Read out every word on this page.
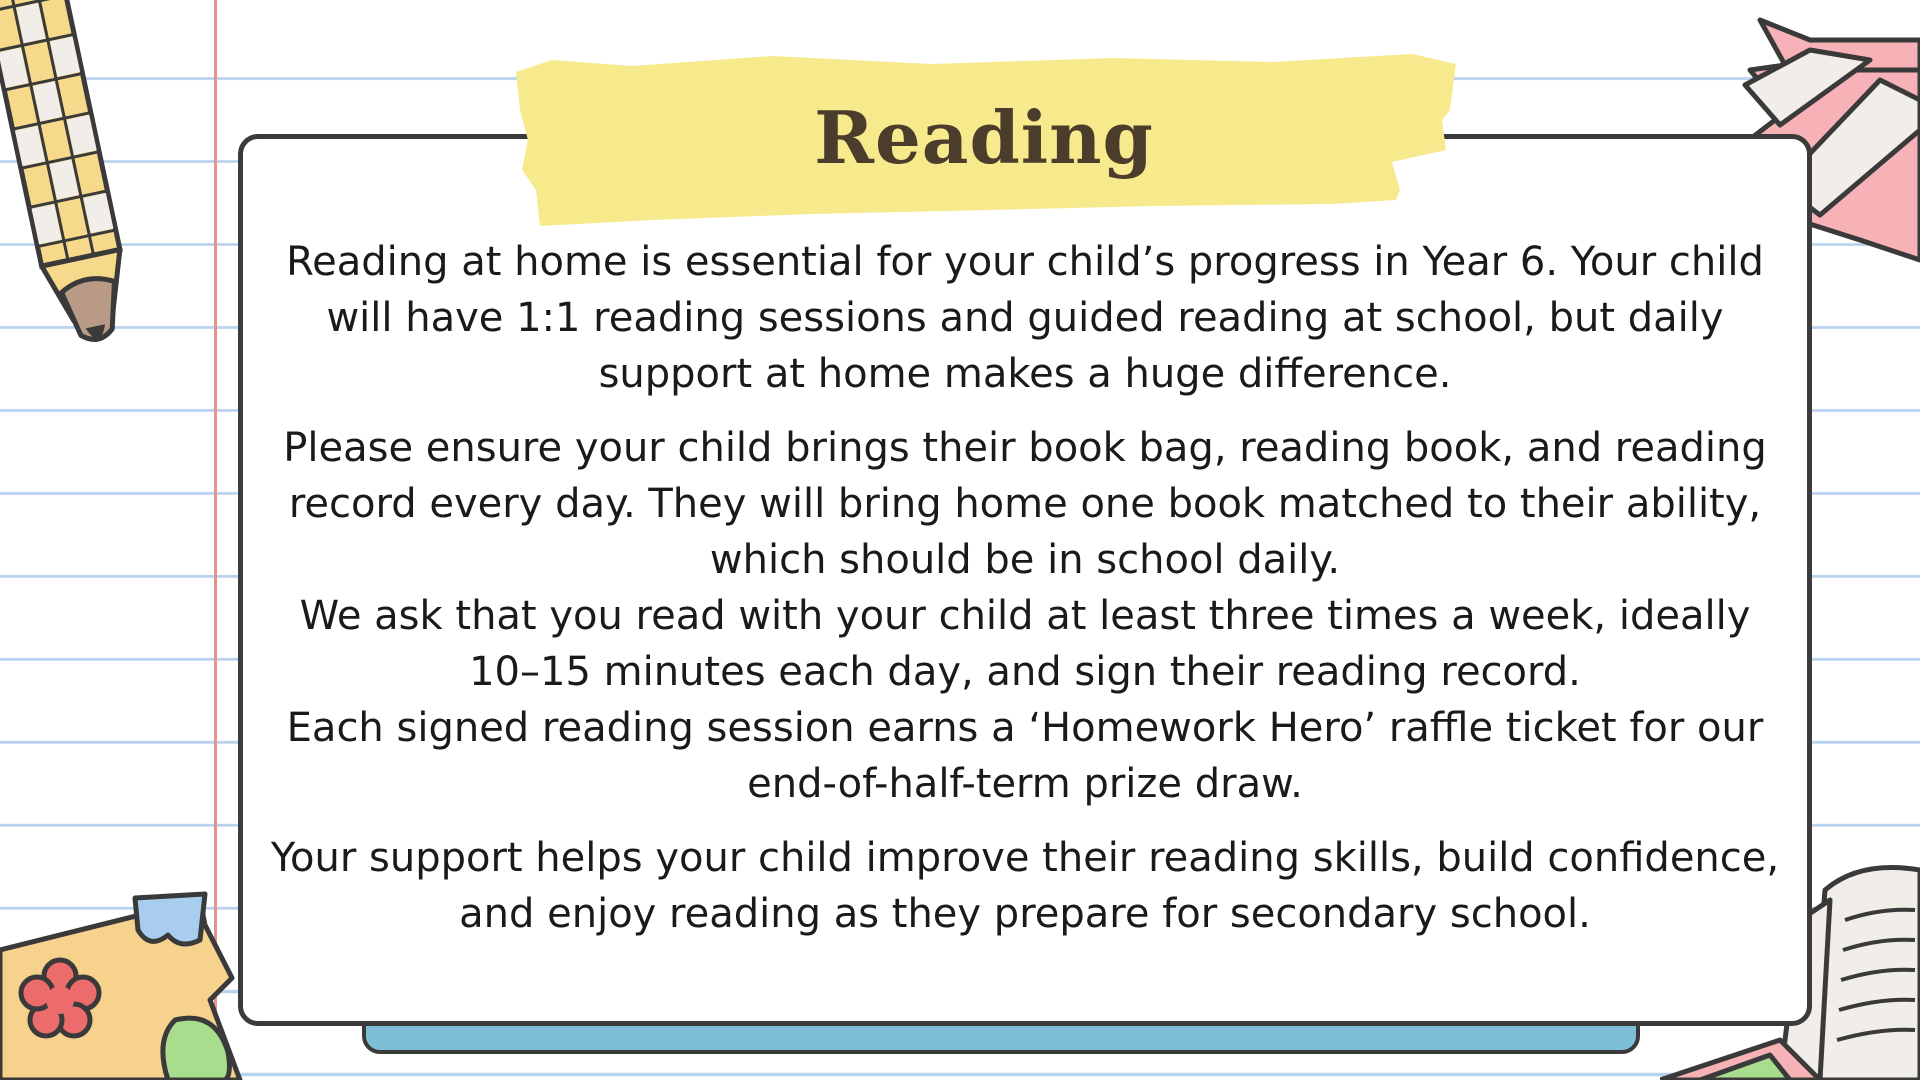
Reading

Reading at home is essential for your child’s progress in Year 6. Your child will have 1:1 reading sessions and guided reading at school, but daily support at home makes a huge difference.

Please ensure your child brings their book bag, reading book, and reading record every day. They will bring home one book matched to their ability, which should be in school daily.

We ask that you read with your child at least three times a week, ideally 10–15 minutes each day, and sign their reading record.

Each signed reading session earns a ‘Homework Hero’ raffle ticket for our end-of-half-term prize draw.

Your support helps your child improve their reading skills, build confidence, and enjoy reading as they prepare for secondary school.
